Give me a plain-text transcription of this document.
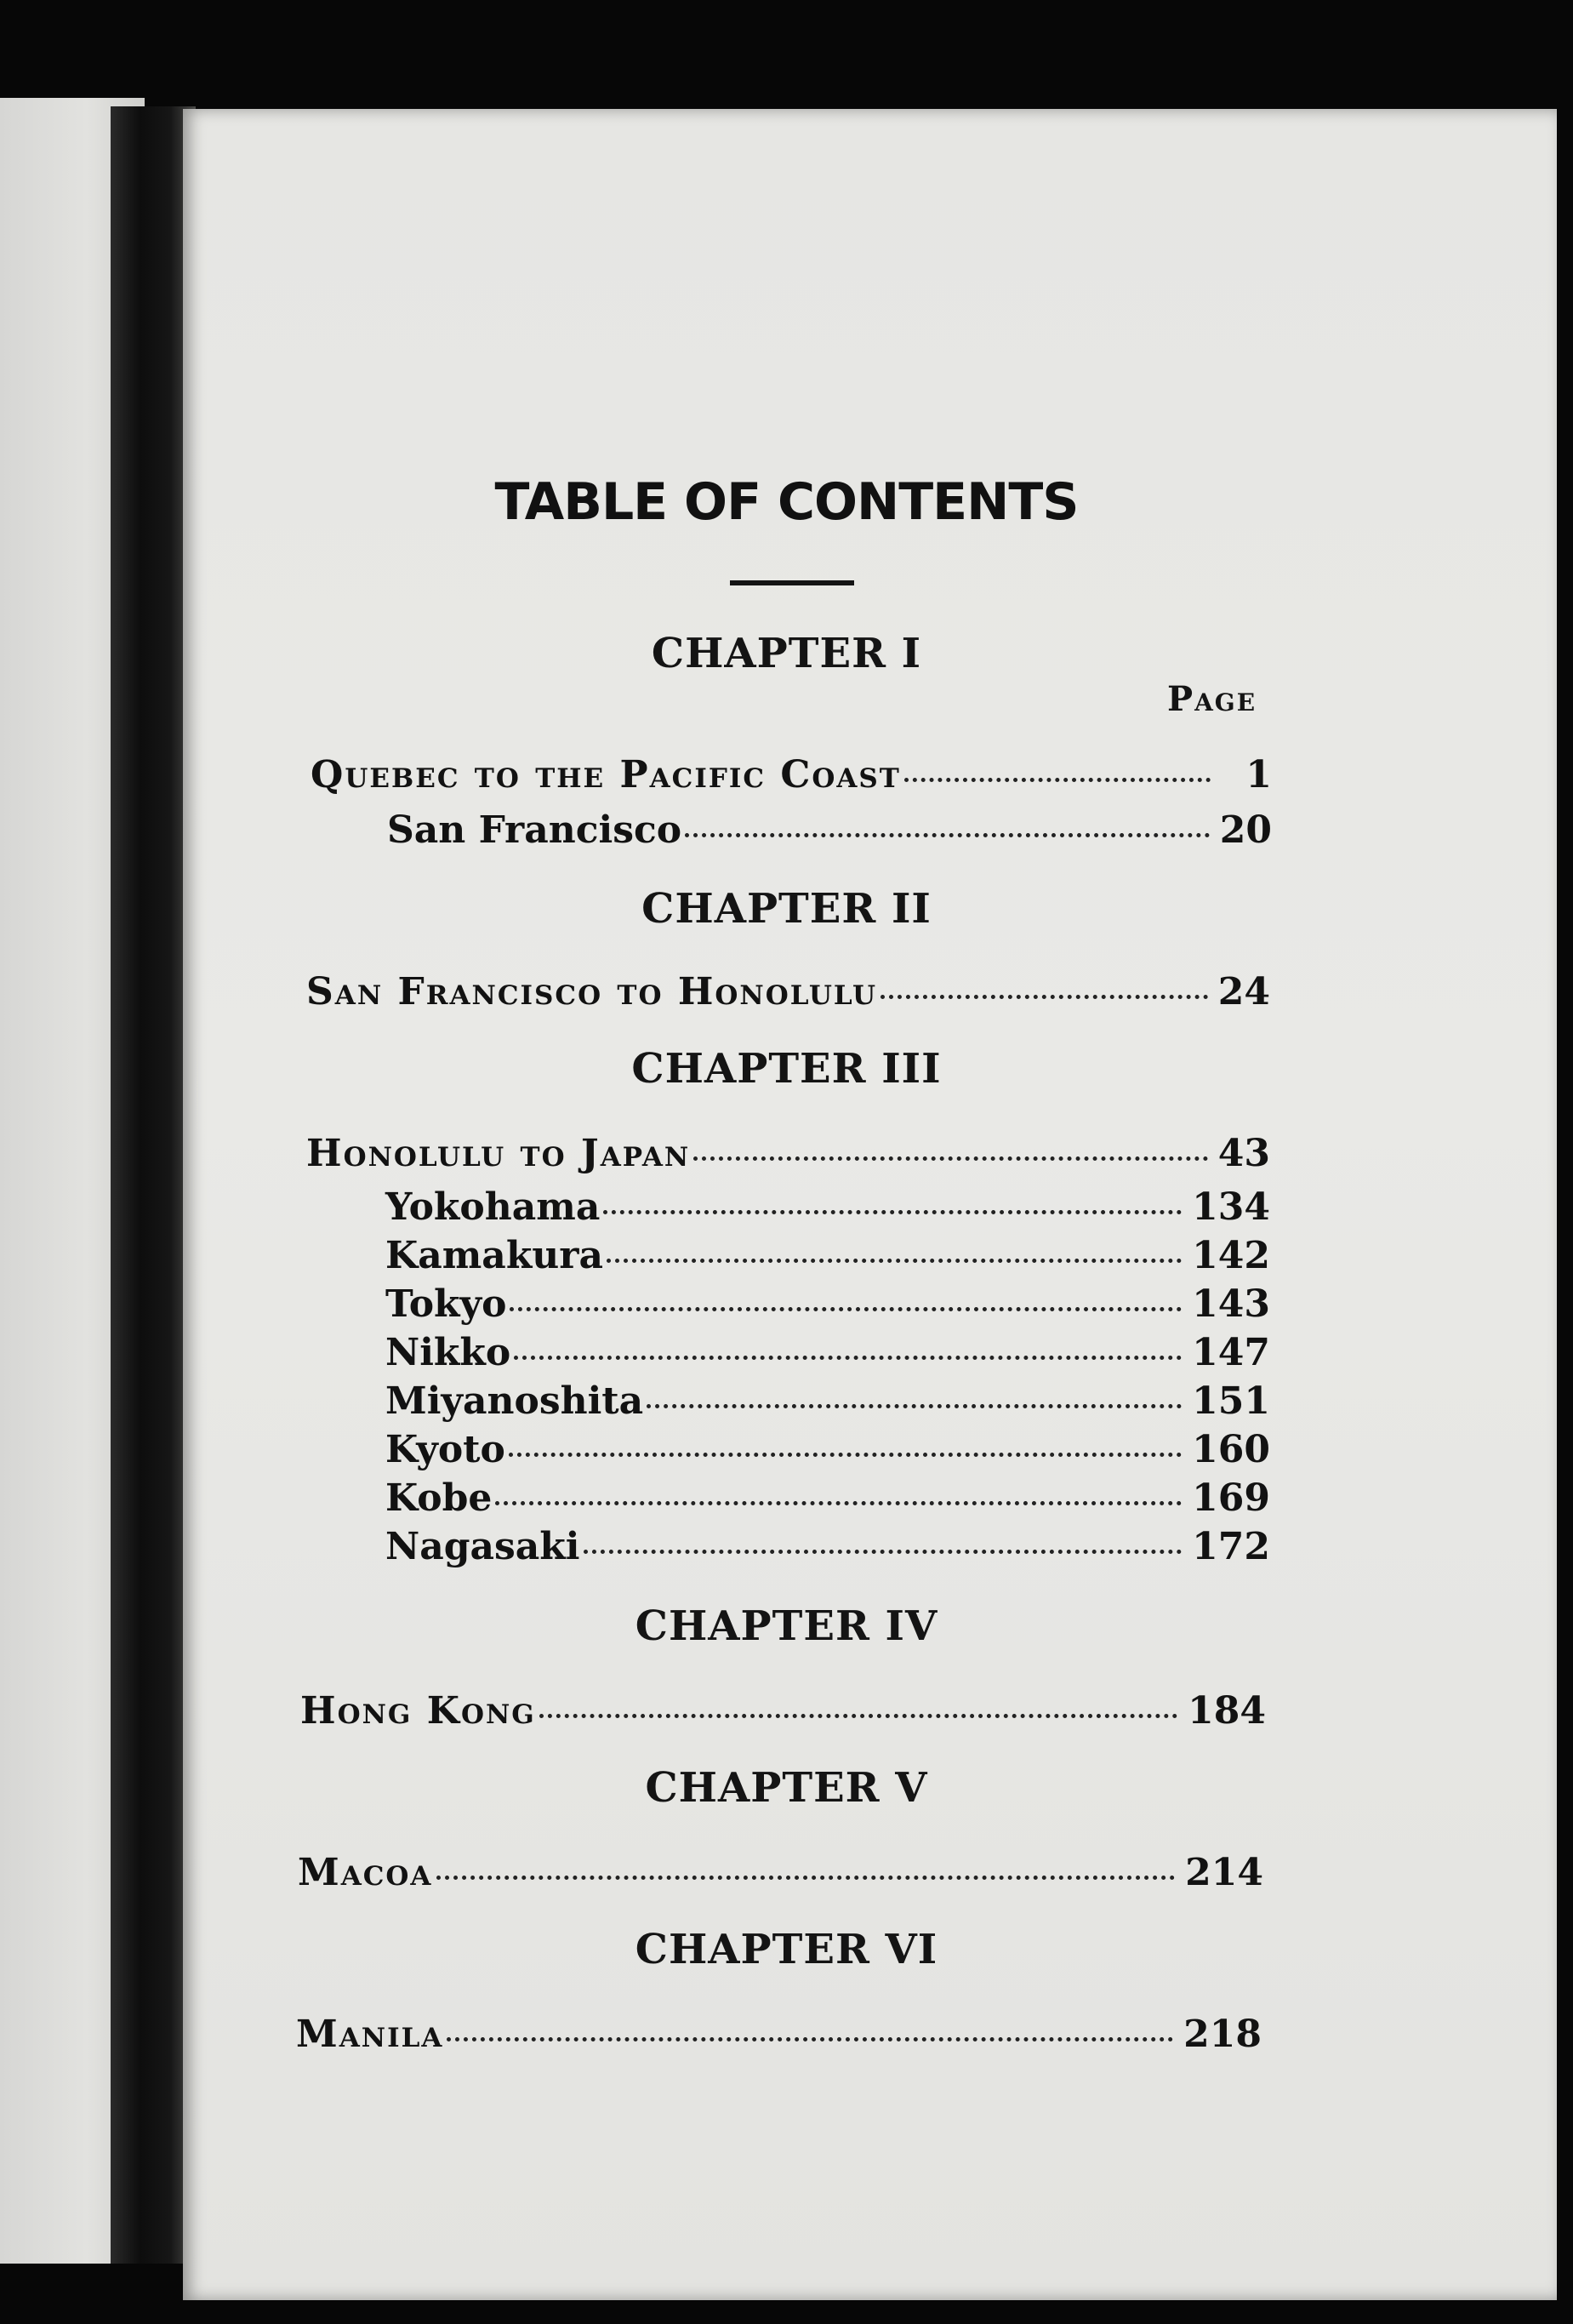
TABLE OF CONTENTS
Page
CHAPTER I
Quebec to the Pacific Coast	1
San Francisco	20
CHAPTER II
San Francisco to Honolulu	24
CHAPTER III
Honolulu to Japan	43
Yokohama	134
Kamakura	142
Tokyo	143
Nikko	147
Miyanoshita	151
Kyoto	160
Kobe	169
Nagasaki	172
CHAPTER IV
Hong Kong	184
CHAPTER V
Macoa	214
CHAPTER VI
Manila	218
